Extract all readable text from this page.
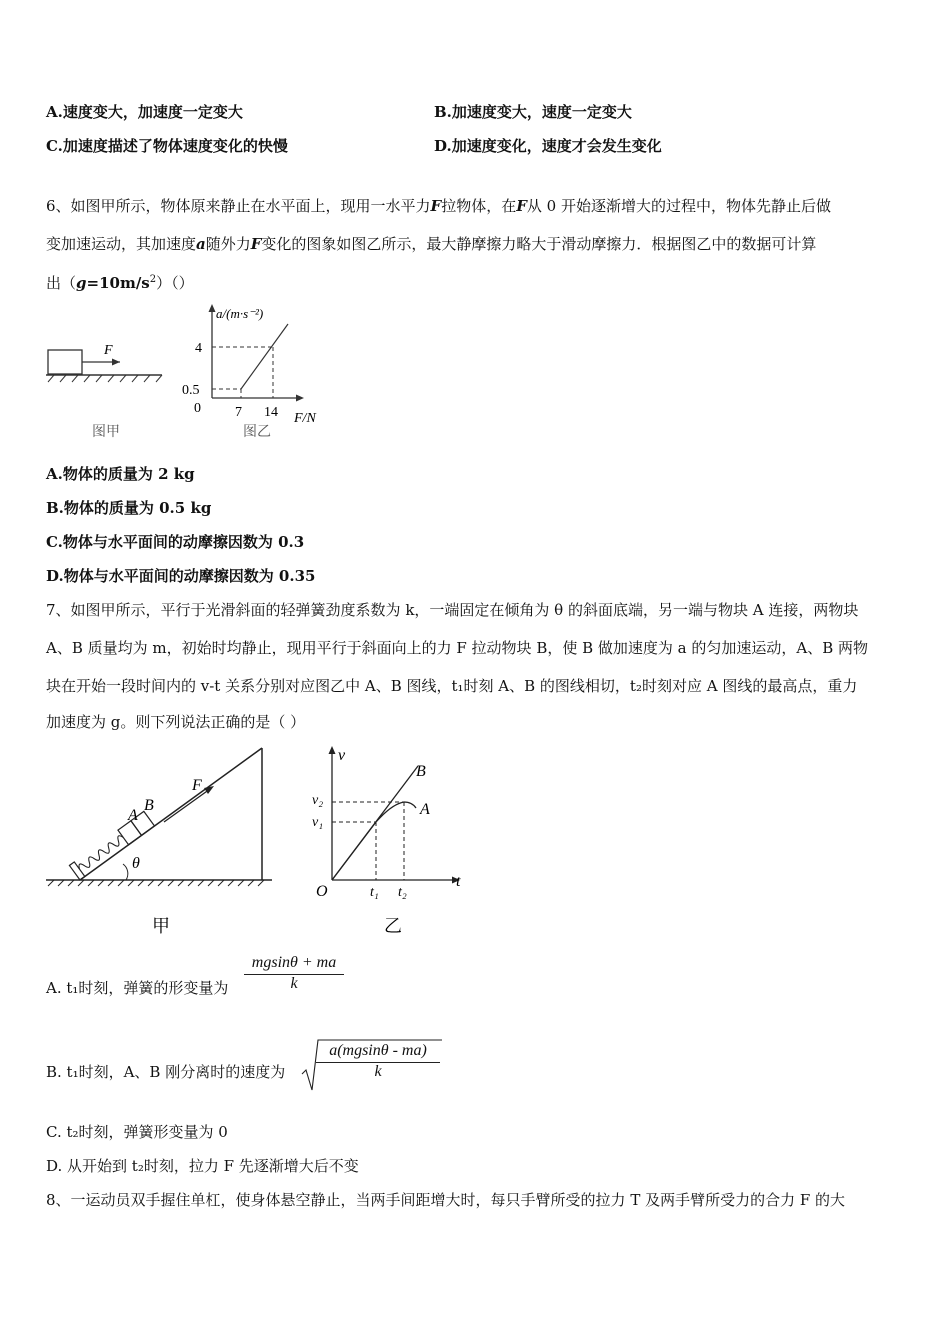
A.速度变大，加速度一定变大	B.加速度变大，速度一定变大
C.加速度描述了物体速度变化的快慢	D.加速度变化，速度才会发生变化
6、如图甲所示，物体原来静止在水平面上，现用一水平力F拉物体，在F从 0 开始逐渐增大的过程中，物体先静止后做
变加速运动，其加速度a随外力F变化的图象如图乙所示，最大静摩擦力略大于滑动摩擦力．根据图乙中的数据可计算
出$(g=10m/s^2)()$
F
图甲
a/(m·s⁻²)
F/N
4
0.5
0 7 14
图乙
A.物体的质量为 2 kg
B.物体的质量为 0.5 kg
C.物体与水平面间的动摩擦因数为 0.3
D.物体与水平面间的动摩擦因数为 0.35
7、如图甲所示，平行于光滑斜面的轻弹簧劲度系数为 k，一端固定在倾角为 θ 的斜面底端，另一端与物块 A 连接，两物块
A、B 质量均为 m，初始时均静止，现用平行于斜面向上的力 F 拉动物块 B，使 B 做加速度为 a 的匀加速运动，A、B 两物
块在开始一段时间内的 v-t 关系分别对应图乙中 A、B 图线，t₁时刻 A、B 的图线相切，t₂时刻对应 A 图线的最高点，重力
加速度为 g。则下列说法正确的是（ ）
θ
A
B
F
甲
v
t
O
B
A
v₂
v₁
t₁ t₂
乙
A. t₁时刻，弹簧的形变量为 $\frac{mgsin\theta + ma}{k}$
B. t₁时刻，A、B 刚分离时的速度为 $\frac{a(mgsin\theta - ma)}{k}$
C. t₂时刻，弹簧形变量为 0
D. 从开始到 t₂时刻，拉力 F 先逐渐增大后不变
8、一运动员双手握住单杠，使身体悬空静止，当两手间距增大时，每只手臂所受的拉力 T 及两手臂所受力的合力 F 的大
